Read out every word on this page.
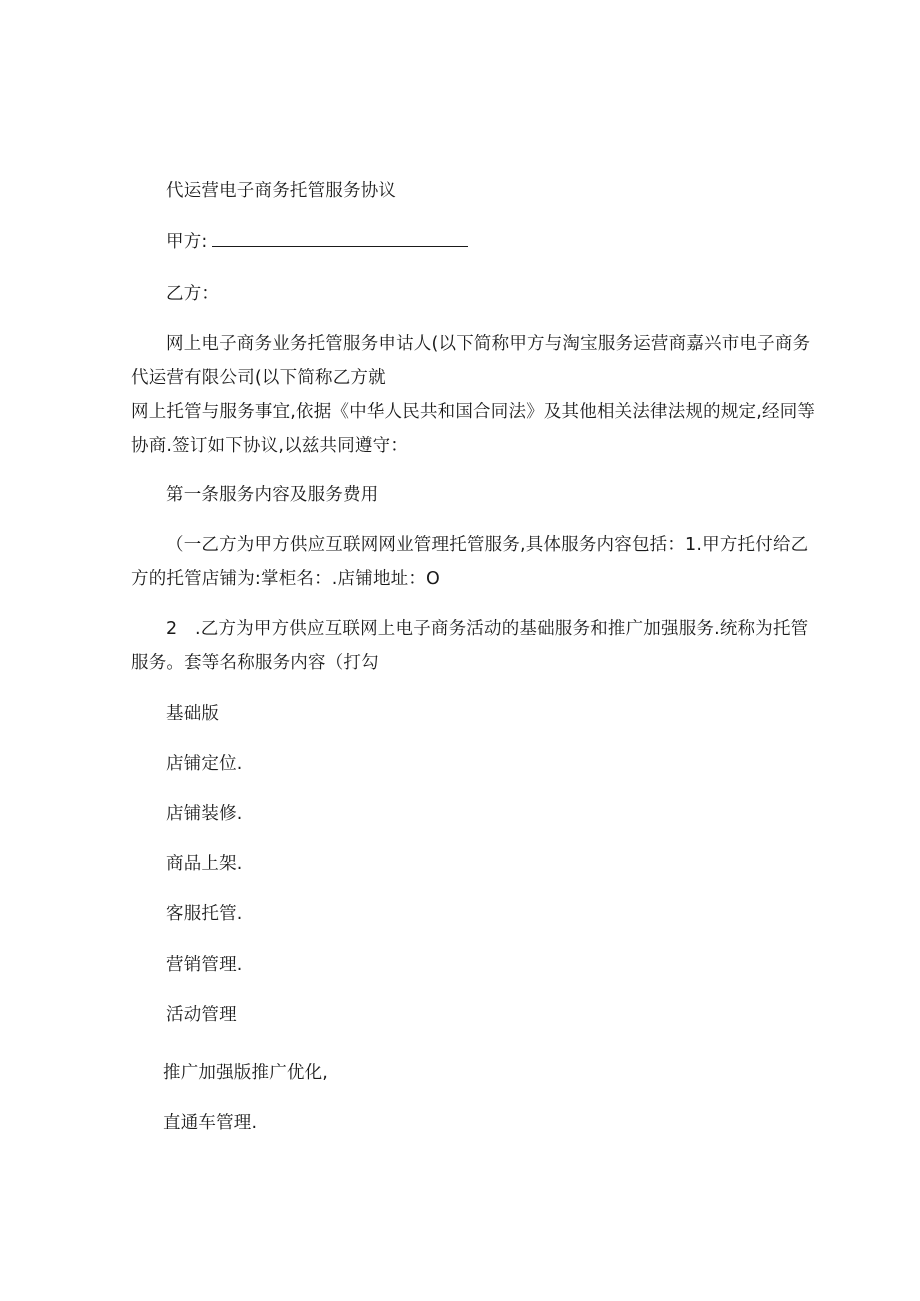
代运营电子商务托管服务协议
甲方:
乙方：
网上电子商务业务托管服务申诂人(以下简称甲方与淘宝服务运营商嘉兴市电子商务
代运营有限公司(以下简称乙方就
网上托管与服务事宜,依据《中华人民共和国合同法》及其他相关法律法规的规定,经同等
协商.签订如下协议,以兹共同遵守：
第一条服务内容及服务费用
（一乙方为甲方供应互联网网业管理托管服务,具体服务内容包括：1.甲方托付给乙
方的托管店铺为:掌柜名：.店铺地址：O
2　.乙方为甲方供应互联网上电子商务活动的基础服务和推广加强服务.统称为托管
服务。套等名称服务内容（打勾
基础版
店铺定位.
店铺装修.
商品上架.
客服托管.
营销管理.
活动管理
推广加强版推广优化,
直通车管理.
